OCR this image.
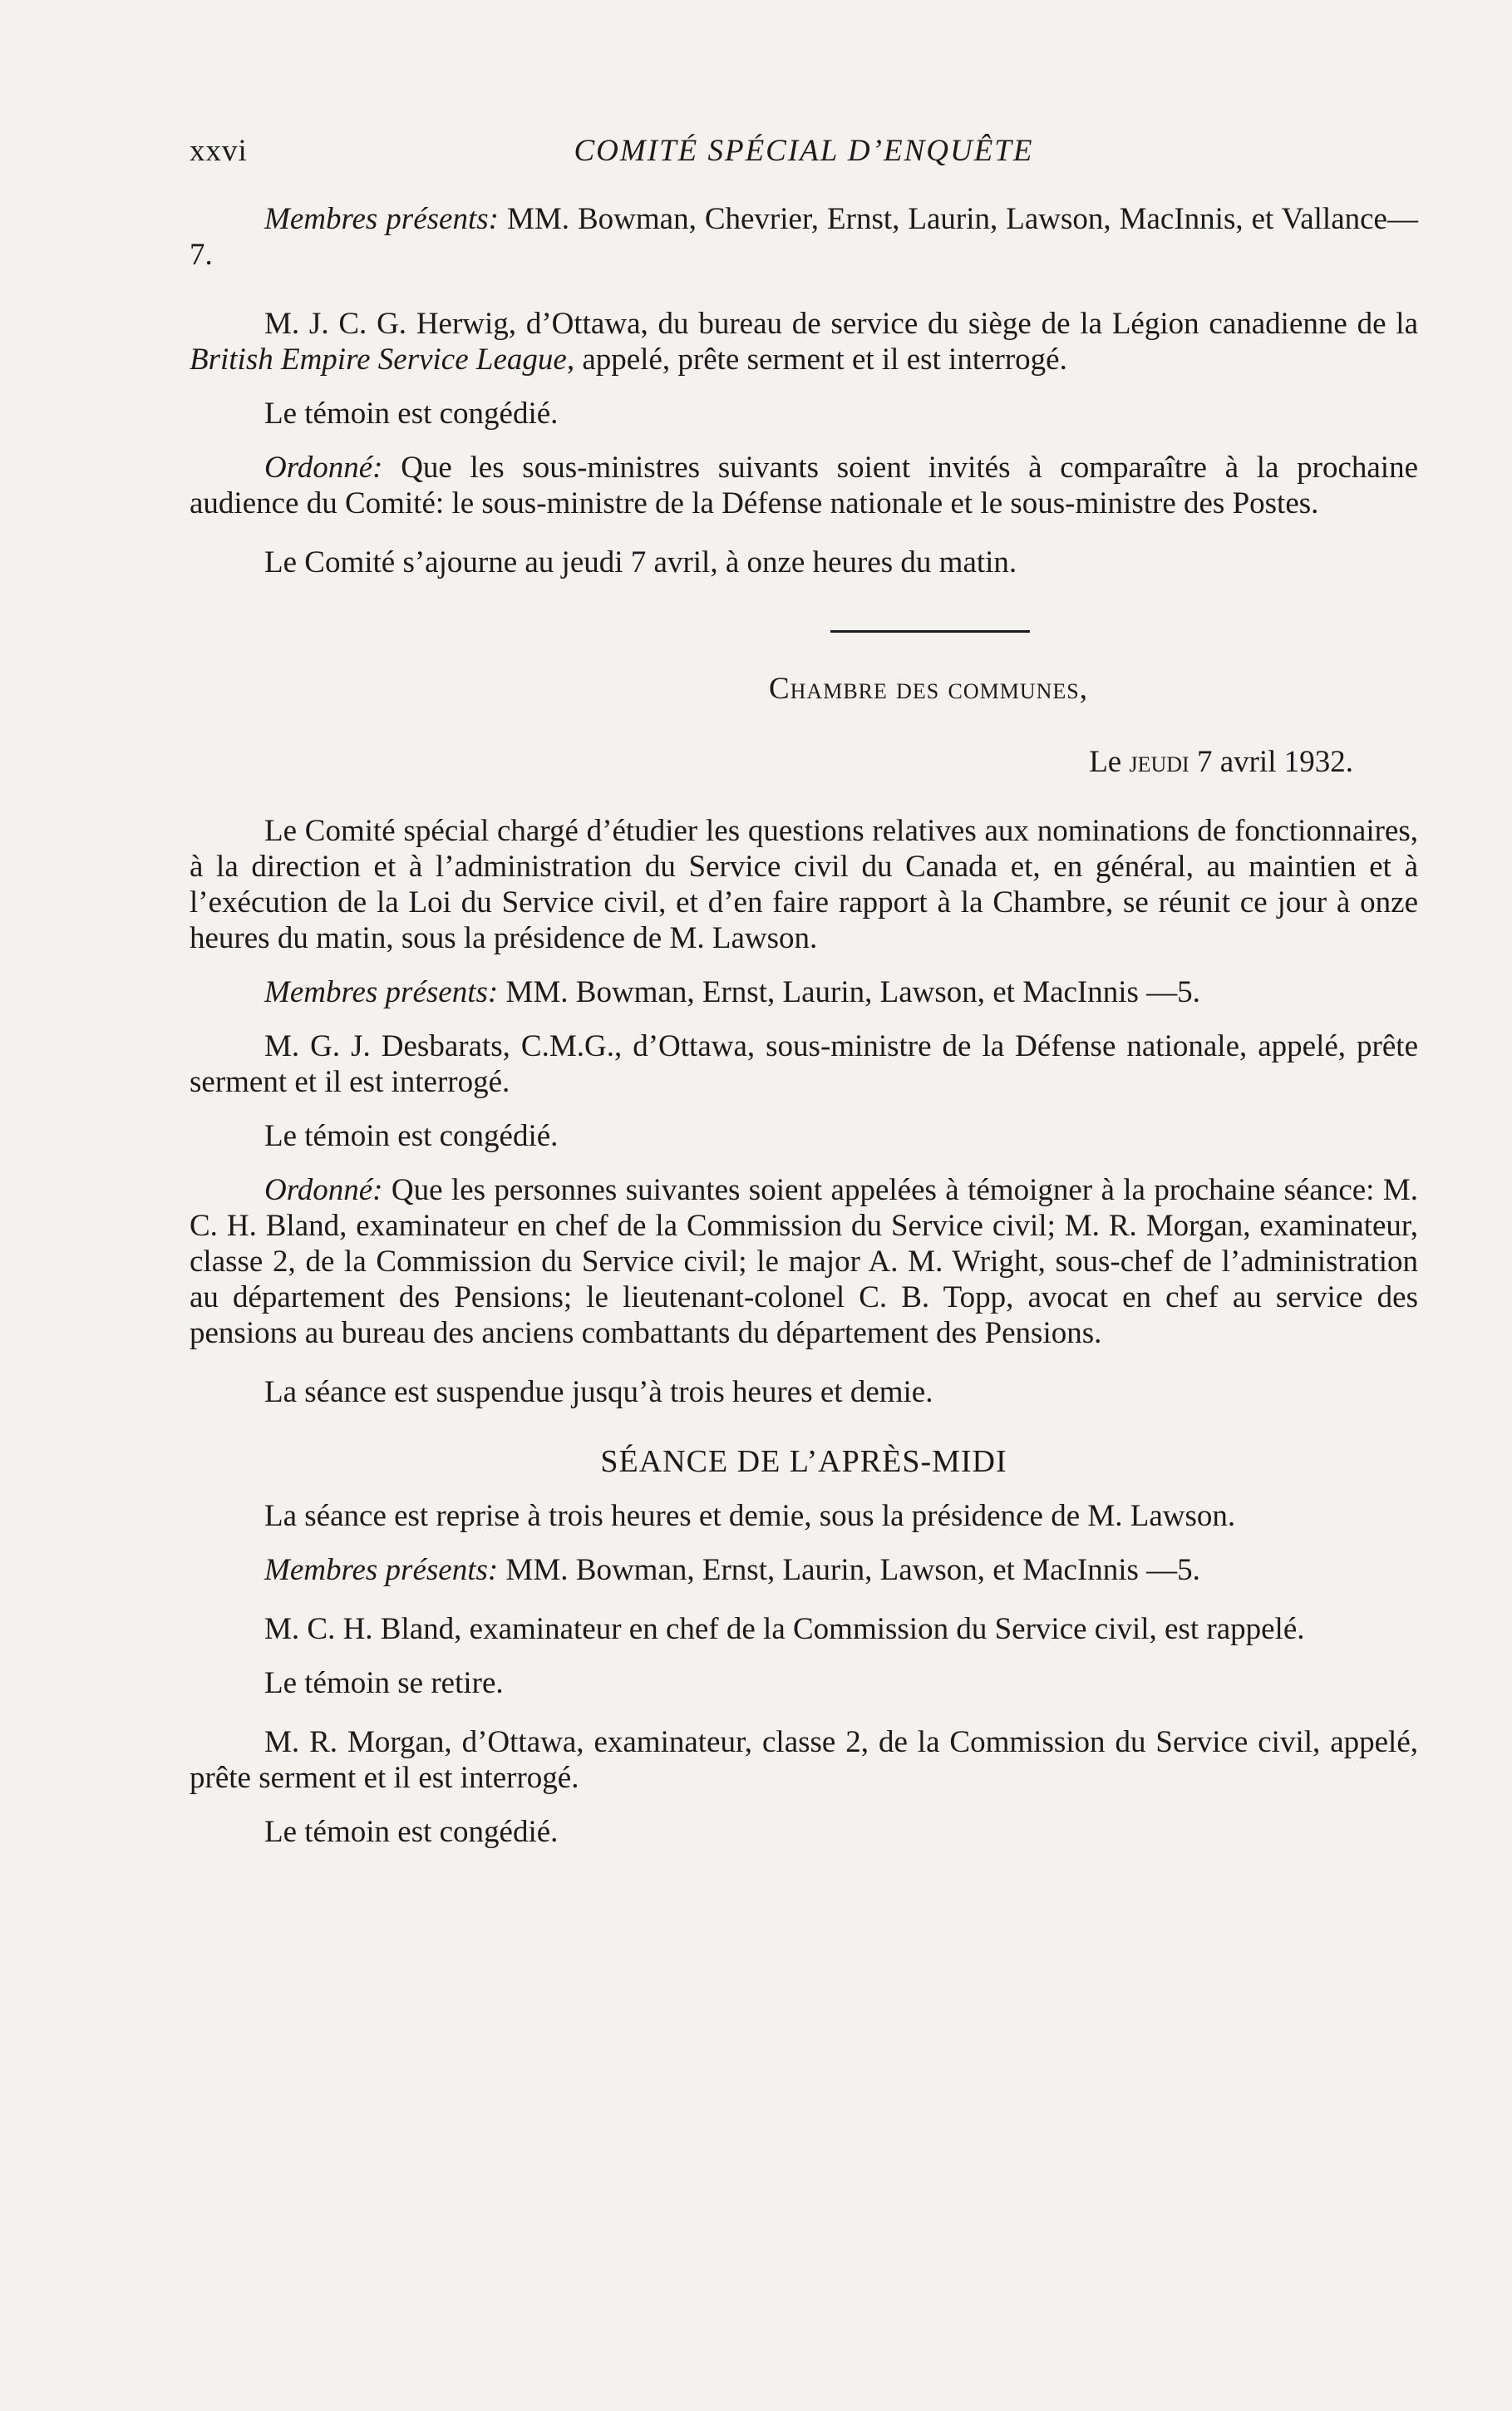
xxvi	COMITÉ SPÉCIAL D’ENQUÊTE

Membres présents: MM. Bowman, Chevrier, Ernst, Laurin, Lawson, MacInnis, et Vallance—7.

M. J. C. G. Herwig, d’Ottawa, du bureau de service du siège de la Légion canadienne de la British Empire Service League, appelé, prête serment et il est interrogé.

Le témoin est congédié.

Ordonné: Que les sous-ministres suivants soient invités à comparaître à la prochaine audience du Comité: le sous-ministre de la Défense nationale et le sous-ministre des Postes.

Le Comité s’ajourne au jeudi 7 avril, à onze heures du matin.

Chambre des communes,
Le jeudi 7 avril 1932.

Le Comité spécial chargé d’étudier les questions relatives aux nominations de fonctionnaires, à la direction et à l’administration du Service civil du Canada et, en général, au maintien et à l’exécution de la Loi du Service civil, et d’en faire rapport à la Chambre, se réunit ce jour à onze heures du matin, sous la présidence de M. Lawson.

Membres présents: MM. Bowman, Ernst, Laurin, Lawson, et MacInnis —5.

M. G. J. Desbarats, C.M.G., d’Ottawa, sous-ministre de la Défense nationale, appelé, prête serment et il est interrogé.

Le témoin est congédié.

Ordonné: Que les personnes suivantes soient appelées à témoigner à la prochaine séance: M. C. H. Bland, examinateur en chef de la Commission du Service civil; M. R. Morgan, examinateur, classe 2, de la Commission du Service civil; le major A. M. Wright, sous-chef de l’administration au département des Pensions; le lieutenant-colonel C. B. Topp, avocat en chef au service des pensions au bureau des anciens combattants du département des Pensions.

La séance est suspendue jusqu’à trois heures et demie.

SÉANCE DE L’APRÈS-MIDI

La séance est reprise à trois heures et demie, sous la présidence de M. Lawson.

Membres présents: MM. Bowman, Ernst, Laurin, Lawson, et MacInnis —5.

M. C. H. Bland, examinateur en chef de la Commission du Service civil, est rappelé.

Le témoin se retire.

M. R. Morgan, d’Ottawa, examinateur, classe 2, de la Commission du Service civil, appelé, prête serment et il est interrogé.

Le témoin est congédié.
